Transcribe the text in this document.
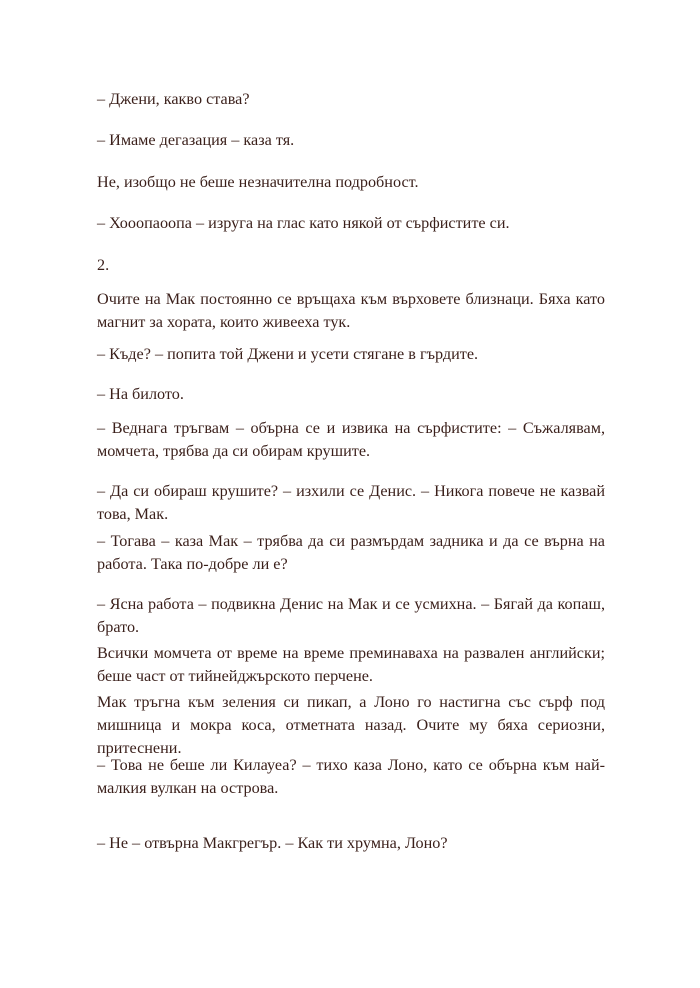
– Джени, какво става?

– Имаме дегазация – каза тя.

Не, изобщо не беше незначителна подробност.

– Хооопаоопа – изруга на глас като някой от сърфистите си.

2.

Очите на Мак постоянно се връщаха към върховете близнаци. Бяха като магнит за хората, които живееха тук.

– Къде? – попита той Джени и усети стягане в гърдите.

– На билото.

– Веднага тръгвам – обърна се и извика на сърфистите: – Съжалявам, момчета, трябва да си обирам крушите.

– Да си обираш крушите? – изхили се Денис. – Никога повече не казвай това, Мак.

– Тогава – каза Мак – трябва да си размърдам задника и да се върна на работа. Така по-добре ли е?

– Ясна работа – подвикна Денис на Мак и се усмихна. – Бягай да копаш, брато.

Всички момчета от време на време преминаваха на развален английски; беше част от тийнейджърското перчене.

Мак тръгна към зеления си пикап, а Лоно го настигна със сърф под мишница и мокра коса, отметната назад. Очите му бяха сериозни, притеснени.

– Това не беше ли Килауеа? – тихо каза Лоно, като се обърна към най-малкия вулкан на острова.

– Не – отвърна Макгрегър. – Как ти хрумна, Лоно?
